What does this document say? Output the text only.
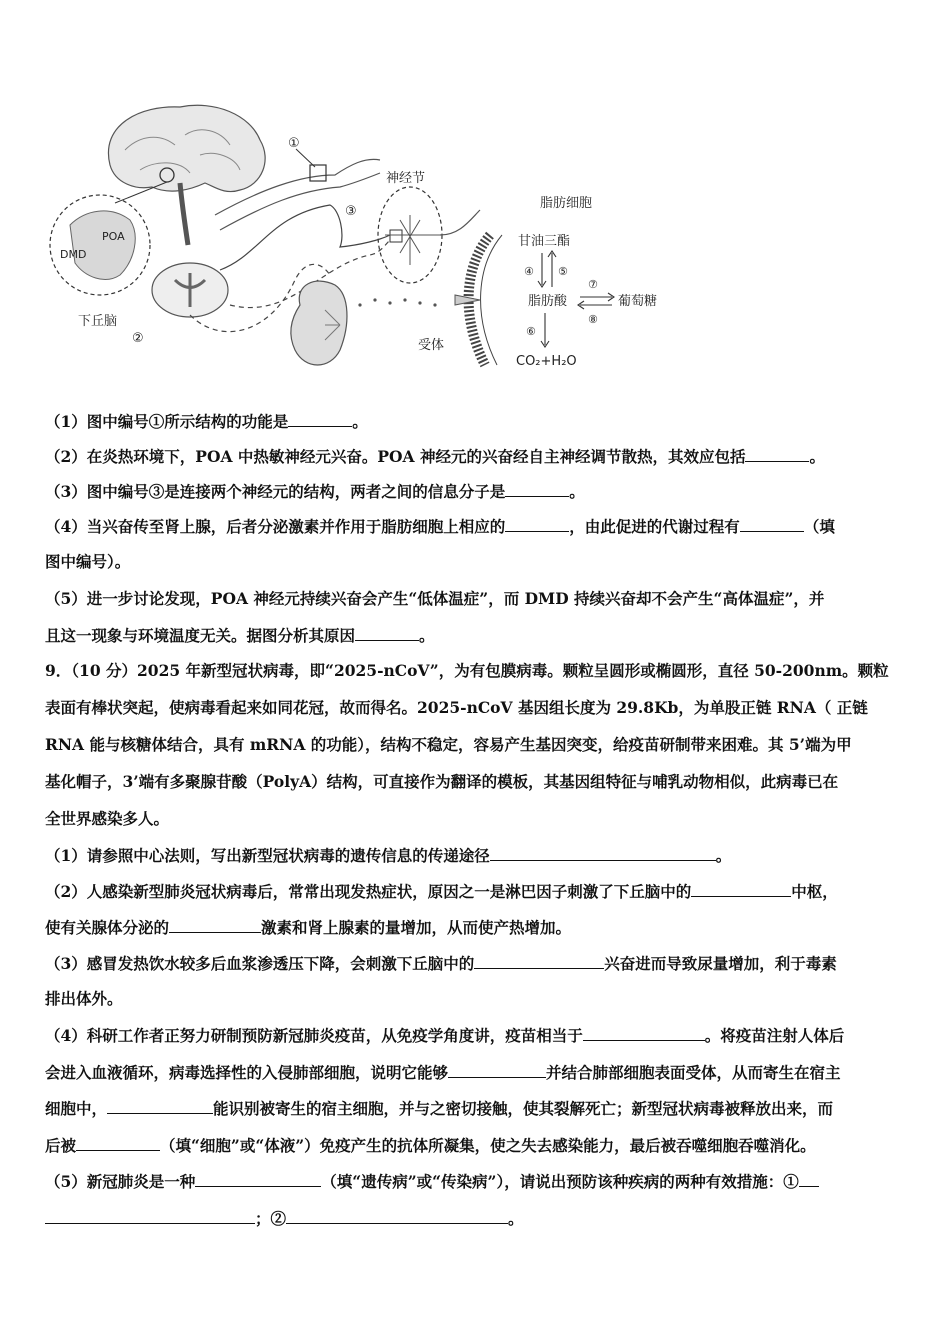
POA
DMD
下丘脑
②
①
神经节
③
受体
脂肪细胞
甘油三酯
④ ⑤
脂肪酸
⑦
⑧
葡萄糖
⑥
CO₂+H₂O
（1）图中编号①所示结构的功能是	。
（2）在炎热环境下，POA 中热敏神经元兴奋。POA 神经元的兴奋经自主神经调节散热，其效应包括	。
（3）图中编号③是连接两个神经元的结构，两者之间的信息分子是	。
（4）当兴奋传至肾上腺，后者分泌激素并作用于脂肪细胞上相应的	，由此促进的代谢过程有	（填
图中编号）。
（5）进一步讨论发现，POA 神经元持续兴奋会产生“低体温症”，而 DMD 持续兴奋却不会产生“高体温症”，并
且这一现象与环境温度无关。据图分析其原因	。
9．（10 分）2025 年新型冠状病毒，即“2025-nCoV”，为有包膜病毒。颗粒呈圆形或椭圆形，直径 50-200nm。颗粒
表面有棒状突起，使病毒看起来如同花冠，故而得名。2025-nCoV 基因组长度为 29.8Kb，为单股正链 RNA（ 正链
RNA 能与核糖体结合，具有 mRNA 的功能），结构不稳定，容易产生基因突变，给疫苗研制带来困难。其 5’端为甲
基化帽子，3’端有多聚腺苷酸（PolyA）结构，可直接作为翻译的模板，其基因组特征与哺乳动物相似，此病毒已在
全世界感染多人。
（1）请参照中心法则，写出新型冠状病毒的遗传信息的传递途径	。
（2）人感染新型肺炎冠状病毒后，常常出现发热症状，原因之一是淋巴因子刺激了下丘脑中的	中枢，
使有关腺体分泌的	激素和肾上腺素的量增加，从而使产热增加。
（3）感冒发热饮水较多后血浆渗透压下降，会刺激下丘脑中的	兴奋进而导致尿量增加，利于毒素
排出体外。
（4）科研工作者正努力研制预防新冠肺炎疫苗，从免疫学角度讲，疫苗相当于	。将疫苗注射人体后
会进入血液循环，病毒选择性的入侵肺部细胞，说明它能够	并结合肺部细胞表面受体，从而寄生在宿主
细胞中，	能识别被寄生的宿主细胞，并与之密切接触，使其裂解死亡；新型冠状病毒被释放出来，而
后被	（填“细胞”或“体液”）免疫产生的抗体所凝集，使之失去感染能力，最后被吞噬细胞吞噬消化。
（5）新冠肺炎是一种	（填“遗传病”或“传染病”），请说出预防该种疾病的两种有效措施：①
；②	。
